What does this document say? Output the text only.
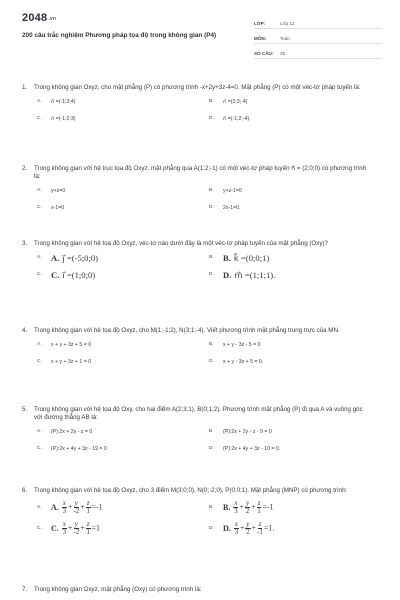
$2048^{.vn}$
200 câu trắc nghiệm Phương pháp tọa độ trong không gian (P4)
LỚP:	Lớp 12
MÔN:	Toán
SỐ CÂU:	25
1.	Trong không gian Oxyz, cho mặt phẳng (P) có phương trình -x+2y+3z-4=0. Mặt phẳng (P) có một véc-tơ pháp tuyến là:
A.	n⃗ =(-1;3;4)	B.	n⃗ =(2;3;-4)
C.	n⃗ =(-1;2;3)	D.	n⃗ =(-1;2;-4).
2.	Trong không gian với hệ trục tọa độ Oxyz, mặt phẳng qua A(1;2;-1) có một véc-tơ pháp tuyến n⃗ = (2;0;0) có phương trình là:
A.	y+z=0	B.	y+z-1=0
C.	x-1=0	D.	2x-1=0.
3.	Trong không gian với hệ tọa độ Oxyz, véc-tơ nào dưới đây là một véc-tơ pháp tuyến của mặt phẳng (Oxy)?
A.	A. j⃗ =(-5;0;0)	B.	B. k⃗ =(0;0;1)
C.	C. i⃗ =(1;0;0)	D.	D. m⃗ =(1;1;1).
4.	Trong không gian với hệ tọa độ Oxyz, cho M(1;-1;2), N(3;1;-4). Viết phương trình mặt phẳng trung trực của MN.
A.	x + y + 3z + 5 = 0	B.	x + y - 3z - 5 = 0
C.	x + y + 3z + 1 = 0	D.	x + y - 3z + 5 = 0.
5.	Trong không gian với hệ tọa độ Oxy, cho hai điểm A(2;3;1), B(0;1;2). Phương trình mặt phẳng (P) đi qua A và vuông góc với đường thẳng AB là:
A.	(P):2x + 2y - z = 0	B.	(P):2x + 2y - z - 9 = 0
C.	(P):2x + 4y + 3z - 19 = 0	D.	(P):2x + 4y + 3z - 10 = 0.
6.	Trong không gian với hệ tọa độ Oxyz, cho 3 điểm M(3;0;0), N(0;-2;0), P(0;0;1). Mặt phẳng (MNP) có phương trình:
A.	A. $\frac{x}{3} + \frac{y}{-2} + \frac{z}{1} =-1$	B.	B. $\frac{x}{3} + \frac{y}{2} + \frac{z}{1} =-1$
C.	C. $\frac{x}{3} + \frac{y}{-2} + \frac{z}{1} =1$	D.	D. $\frac{x}{3} + \frac{y}{2} + \frac{z}{-1} =1$.
7.	Trong không gian Oxyz, mặt phẳng (Oxy) có phương trình là:
